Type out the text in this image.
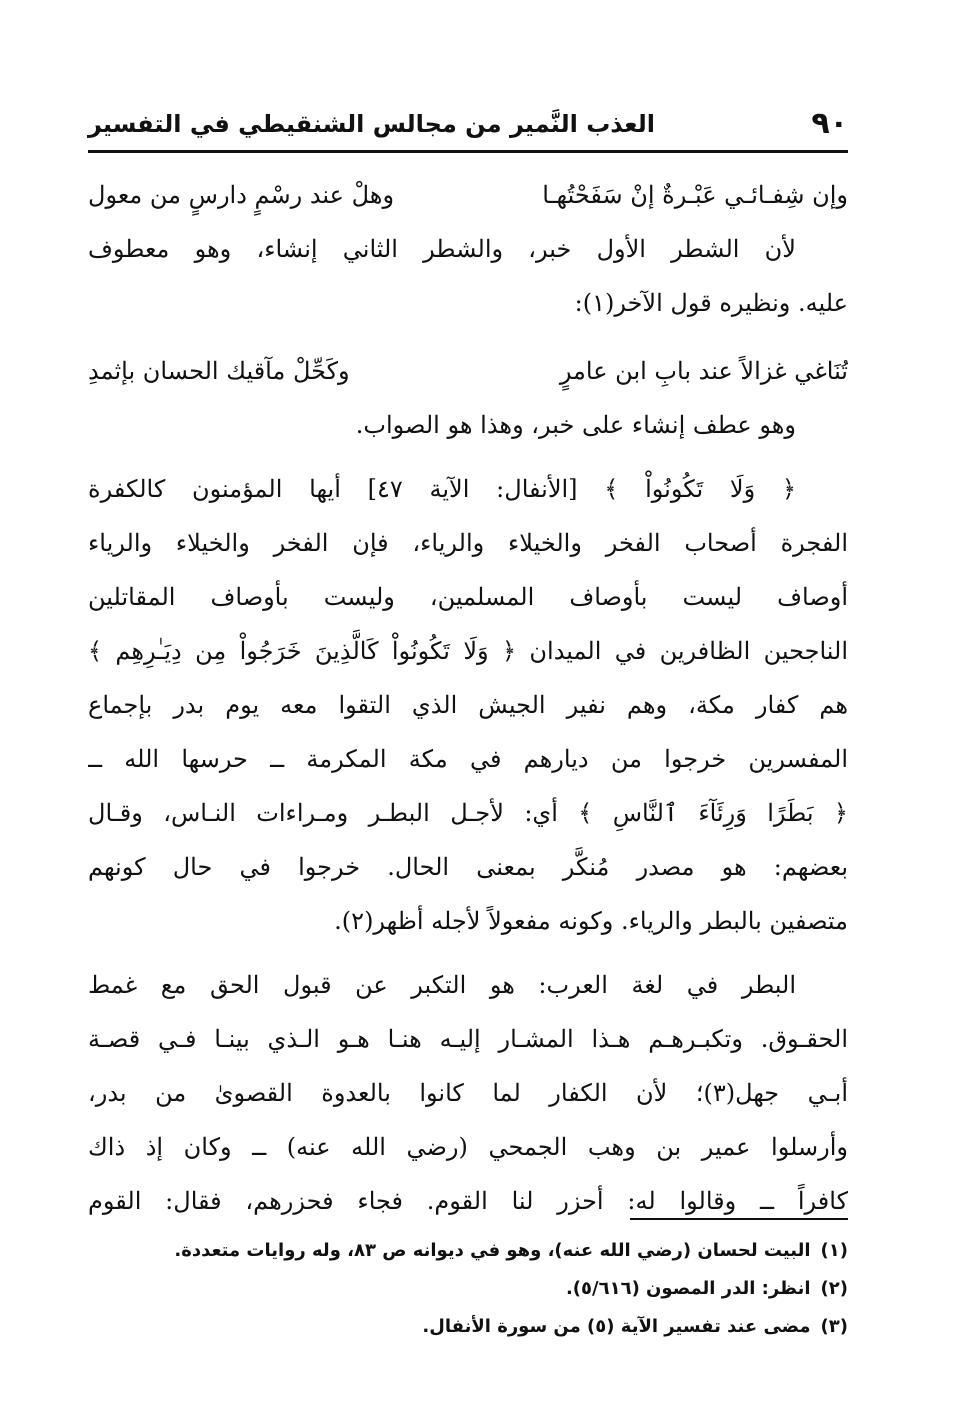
٩٠
العذب النَّمير من مجالس الشنقيطي في التفسير
وإن شِفـائـي عَبْـرةٌ إنْ سَفَحْتُهـا
وهلْ عند رسْمٍ دارسٍ من معول
لأن الشطر الأول خبر، والشطر الثاني إنشاء، وهو معطوف
عليه. ونظيره قول الآخر(١):
تُنَاغي غزالاً عند بابِ ابن عامرٍ
وكَحِّلْ مآقيك الحسان بإثمدِ
وهو عطف إنشاء على خبر، وهذا هو الصواب.
﴿ وَلَا تَكُونُواْ ﴾ [الأنفال: الآية ٤٧] أيها المؤمنون كالكفرة
الفجرة أصحاب الفخر والخيلاء والرياء، فإن الفخر والخيلاء والرياء
أوصاف ليست بأوصاف المسلمين، وليست بأوصاف المقاتلين
الناجحين الظافرين في الميدان ﴿ وَلَا تَكُونُواْ كَالَّذِينَ خَرَجُواْ مِن دِيَـٰرِهِم ﴾
هم كفار مكة، وهم نفير الجيش الذي التقوا معه يوم بدر بإجماع
المفسرين خرجوا من ديارهم في مكة المكرمة ــ حرسها الله ــ
﴿ بَطَرًا وَرِئَآءَ ٱلنَّاسِ ﴾ أي: لأجـل البطـر ومـراءات النـاس، وقـال
بعضهم: هو مصدر مُنكَّر بمعنى الحال. خرجوا في حال كونهم
متصفين بالبطر والرياء. وكونه مفعولاً لأجله أظهر(٢).
البطر في لغة العرب: هو التكبر عن قبول الحق مع غمط
الحقـوق. وتكبـرهـم هـذا المشـار إليـه هنـا هـو الـذي بينـا فـي قصـة
أبـي جهل(٣)؛ لأن الكفار لما كانوا بالعدوة القصوىٰ من بدر،
وأرسلوا عمير بن وهب الجمحي (رضي الله عنه) ــ وكان إذ ذاك
كافراً ــ وقالوا له: أحزر لنا القوم. فجاء فحزرهم، فقال: القوم
(١)البيت لحسان (رضي الله عنه)، وهو في ديوانه ص ٨٣، وله روايات متعددة.
(٢)انظر: الدر المصون (٥/٦١٦).
(٣)مضى عند تفسير الآية (٥) من سورة الأنفال.
